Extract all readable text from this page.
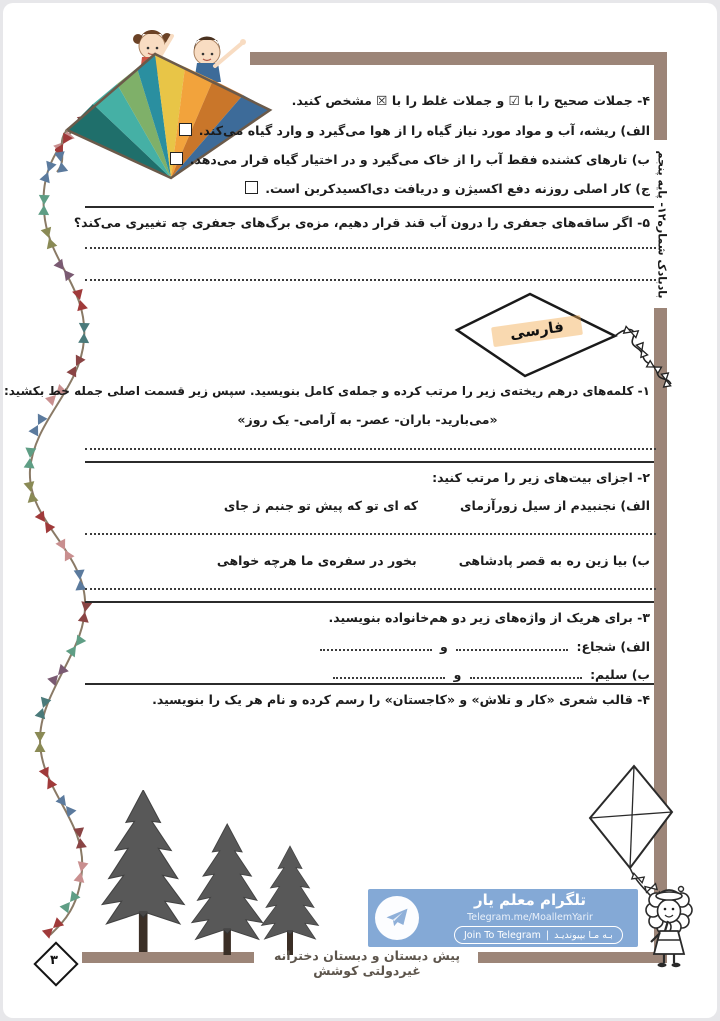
بادبادک شماره۱۲- پایه پنجم
۴- جملات صحیح را با ☑ و جملات غلط را با ☒ مشخص کنید.
الف) ریشه، آب و مواد مورد نیاز گیاه را از هوا می‌گیرد و وارد گیاه می‌کند.
ب) تارهای کشنده فقط آب را از خاک می‌گیرد و در اختیار گیاه قرار می‌دهد.
ج) کار اصلی روزنه دفع اکسیژن و دریافت دی‌اکسیدکربن است.
۵- اگر ساقه‌های جعفری را درون آب قند قرار دهیم، مزه‌ی برگ‌های جعفری چه تغییری می‌کند؟
فارسی
۱- کلمه‌های درهم ریخته‌ی زیر را مرتب کرده و جمله‌ی کامل بنویسید. سپس زیر قسمت اصلی جمله خط بکشید:
«می‌بارید- باران- عصر- به آرامی- یک روز»
۲- اجزای بیت‌های زیر را مرتب کنید:
الف) نجنبیدم از سیل زورآزمایکه ای تو که پیش تو جنبم ز جای
ب) بیا زین ره به قصر پادشاهیبخور در سفره‌ی ما هرچه خواهی
۳- برای هریک از واژه‌های زیر دو هم‌خانواده بنویسید.
الف) شجاع:  و
ب) سلیم:  و
۴- قالب شعری «کار و تلاش» و «کاجستان» را رسم کرده و نام هر یک را بنویسید.
تلگرام معلم یار
Telegram.me/MoallemYarir
Join To Telegram | بـه مـا بپیوندیـد
پیش دبستان و دبستان دخترانه غیردولتی کوشش
۳
